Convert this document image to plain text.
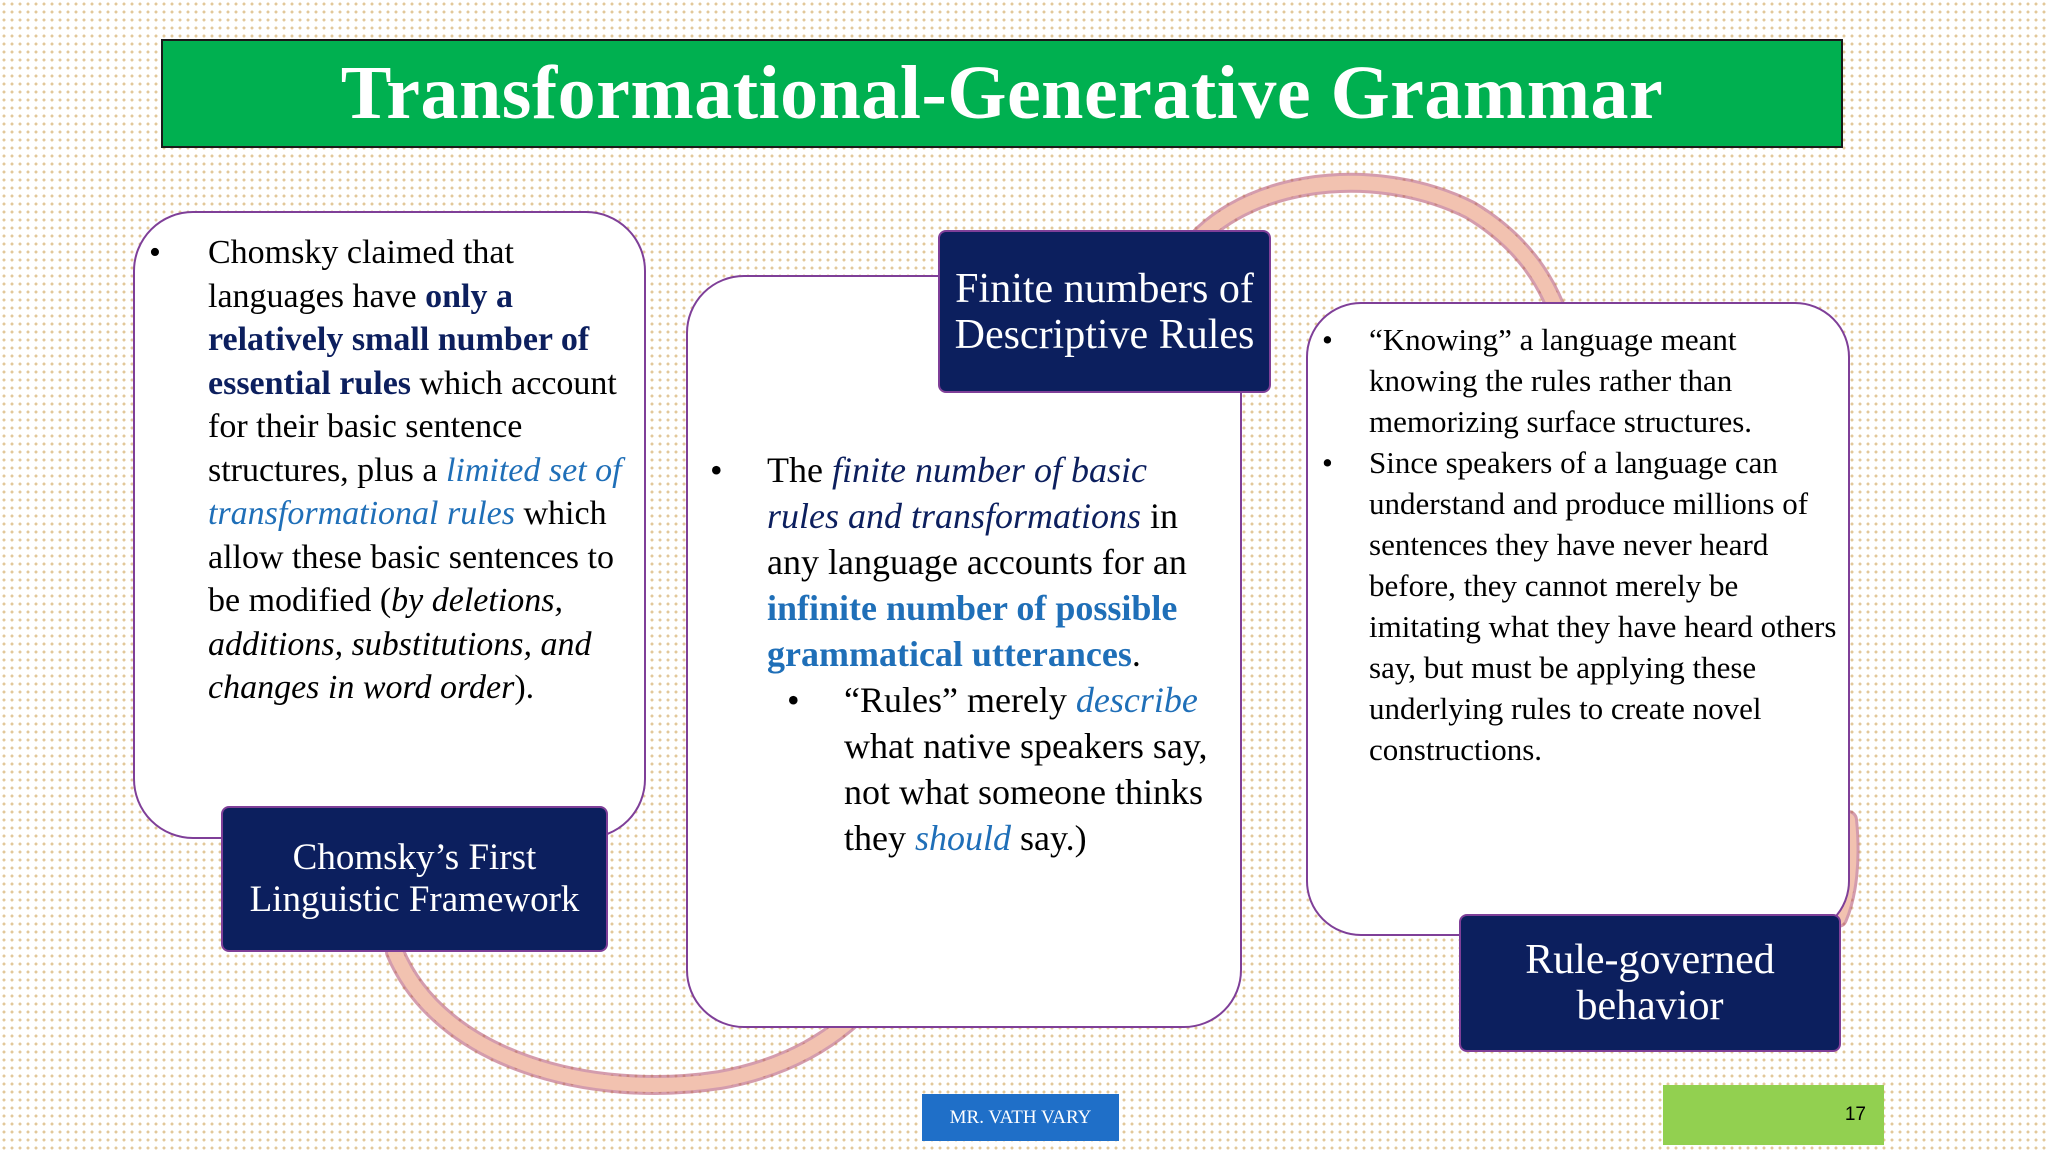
Transformational-Generative Grammar
• Chomsky claimed that languages have only a relatively small number of essential rules which account for their basic sentence structures, plus a limited set of transformational rules which allow these basic sentences to be modified (by deletions, additions, substitutions, and changes in word order).
• The finite number of basic rules and transformations in any language accounts for an infinite number of possible grammatical utterances.
• “Rules” merely describe what native speakers say, not what someone thinks they should say.)
• “Knowing” a language meant knowing the rules rather than memorizing surface structures.
• Since speakers of a language can understand and produce millions of sentences they have never heard before, they cannot merely be imitating what they have heard others say, but must be applying these underlying rules to create novel constructions.
Chomsky’s First Linguistic Framework
Finite numbers of Descriptive Rules
Rule-governed behavior
MR. VATH VARY	17
